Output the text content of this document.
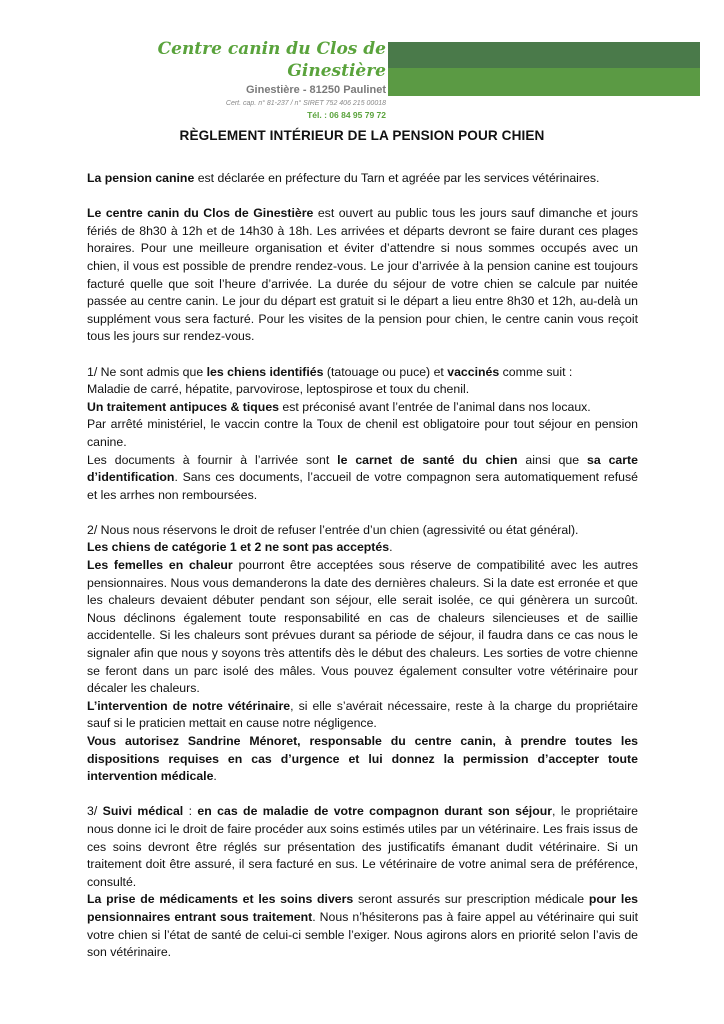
Centre canin du Clos de Ginestière
Ginestière - 81250 Paulinet
Cert. cap. n° 81-237 / n° SIRET 752 406 215 00018
Tél. : 06 84 95 79 72
RÈGLEMENT INTÉRIEUR DE LA PENSION POUR CHIEN

La pension canine est déclarée en préfecture du Tarn et agréée par les services vétérinaires.

Le centre canin du Clos de Ginestière est ouvert au public tous les jours sauf dimanche et jours fériés de 8h30 à 12h et de 14h30 à 18h. Les arrivées et départs devront se faire durant ces plages horaires. Pour une meilleure organisation et éviter d’attendre si nous sommes occupés avec un chien, il vous est possible de prendre rendez-vous. Le jour d’arrivée à la pension canine est toujours facturé quelle que soit l’heure d’arrivée. La durée du séjour de votre chien se calcule par nuitée passée au centre canin. Le jour du départ est gratuit si le départ a lieu entre 8h30 et 12h, au-delà un supplément vous sera facturé. Pour les visites de la pension pour chien, le centre canin vous reçoit tous les jours sur rendez-vous.

1/ Ne sont admis que les chiens identifiés (tatouage ou puce) et vaccinés comme suit :

Maladie de carré, hépatite, parvovirose, leptospirose et toux du chenil.

Un traitement antipuces & tiques est préconisé avant l’entrée de l’animal dans nos locaux.

Par arrêté ministériel, le vaccin contre la Toux de chenil est obligatoire pour tout séjour en pension canine.

Les documents à fournir à l’arrivée sont le carnet de santé du chien ainsi que sa carte d’identification. Sans ces documents, l’accueil de votre compagnon sera automatiquement refusé et les arrhes non remboursées.

2/ Nous nous réservons le droit de refuser l’entrée d’un chien (agressivité ou état général).

Les chiens de catégorie 1 et 2 ne sont pas acceptés.

Les femelles en chaleur pourront être acceptées sous réserve de compatibilité avec les autres pensionnaires. Nous vous demanderons la date des dernières chaleurs. Si la date est erronée et que les chaleurs devaient débuter pendant son séjour, elle serait isolée, ce qui génèrera un surcoût. Nous déclinons également toute responsabilité en cas de chaleurs silencieuses et de saillie accidentelle. Si les chaleurs sont prévues durant sa période de séjour, il faudra dans ce cas nous le signaler afin que nous y soyons très attentifs dès le début des chaleurs. Les sorties de votre chienne se feront dans un parc isolé des mâles. Vous pouvez également consulter votre vétérinaire pour décaler les chaleurs.

L’intervention de notre vétérinaire, si elle s’avérait nécessaire, reste à la charge du propriétaire sauf si le praticien mettait en cause notre négligence.

Vous autorisez Sandrine Ménoret, responsable du centre canin, à prendre toutes les dispositions requises en cas d’urgence et lui donnez la permission d’accepter toute intervention médicale.

3/ Suivi médical : en cas de maladie de votre compagnon durant son séjour, le propriétaire nous donne ici le droit de faire procéder aux soins estimés utiles par un vétérinaire. Les frais issus de ces soins devront être réglés sur présentation des justificatifs émanant dudit vétérinaire. Si un traitement doit être assuré, il sera facturé en sus. Le vétérinaire de votre animal sera de préférence, consulté.

La prise de médicaments et les soins divers seront assurés sur prescription médicale pour les pensionnaires entrant sous traitement. Nous n’hésiterons pas à faire appel au vétérinaire qui suit votre chien si l’état de santé de celui-ci semble l’exiger. Nous agirons alors en priorité selon l’avis de son vétérinaire.
